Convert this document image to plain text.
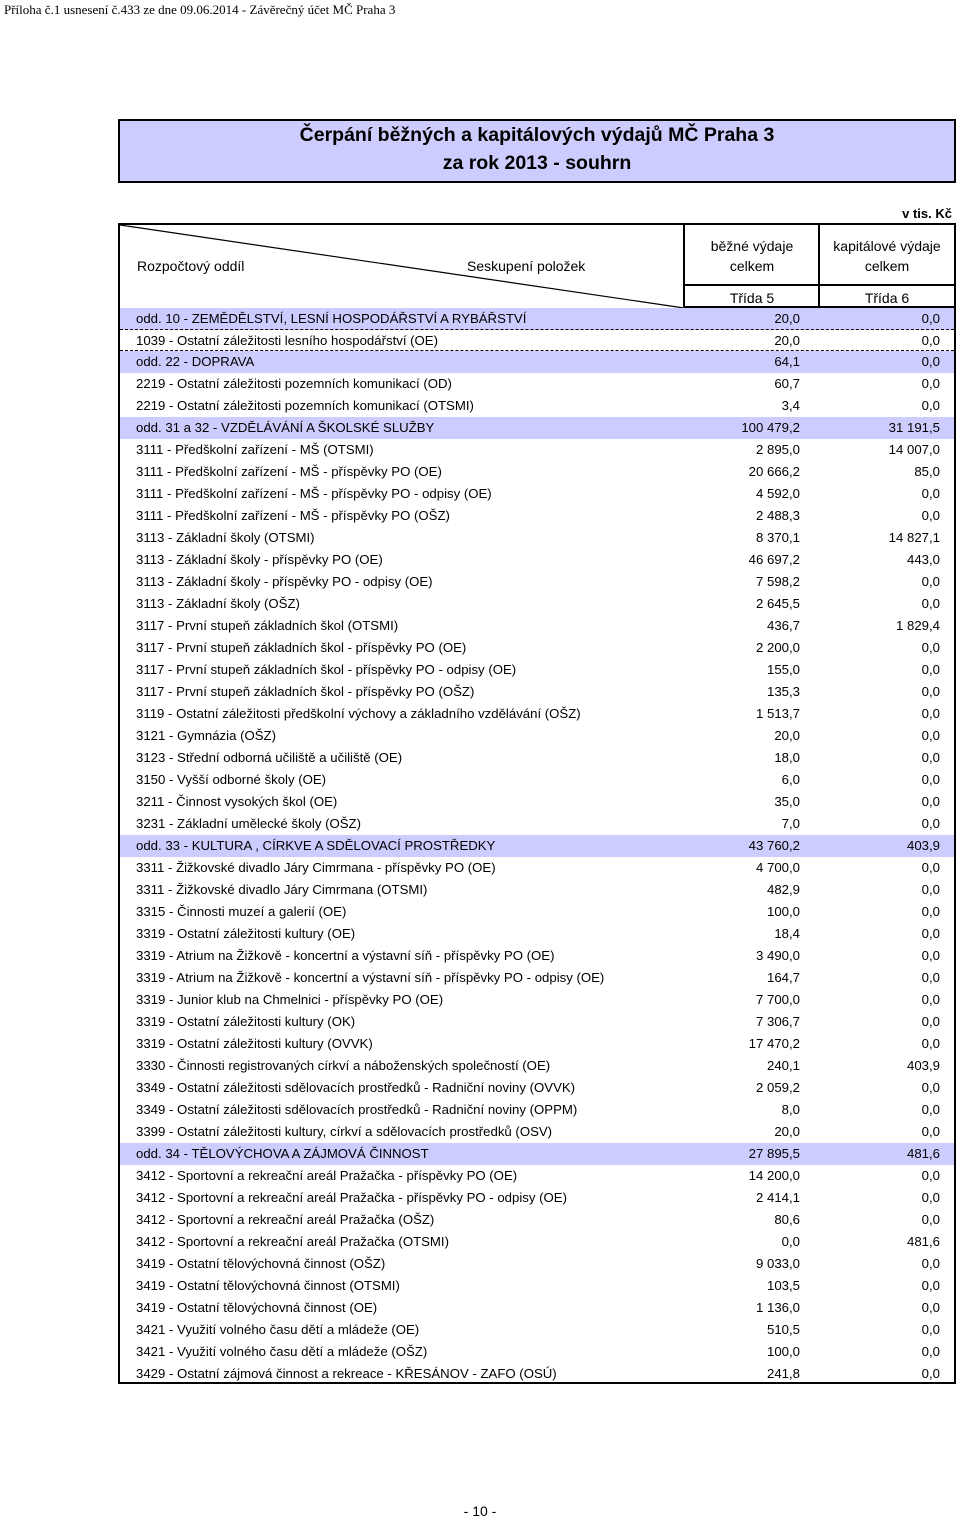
Příloha č.1 usnesení č.433 ze dne 09.06.2014 - Závěrečný účet MČ Praha 3
Čerpání běžných a kapitálových výdajů MČ Praha 3
za rok 2013 - souhrn
v tis. Kč
Rozpočtový oddíl	Seskupení položek
běžné výdaje
celkem
kapitálové výdaje
celkem
Třída 5	Třída 6
odd. 10 - ZEMĚDĚLSTVÍ, LESNÍ HOSPODÁŘSTVÍ A RYBÁŘSTVÍ	20,0	0,0
1039 - Ostatní záležitosti lesního hospodářství (OE)	20,0	0,0
odd. 22 - DOPRAVA	64,1	0,0
2219 - Ostatní záležitosti pozemních komunikací (OD)	60,7	0,0
2219 - Ostatní záležitosti pozemních komunikací (OTSMI)	3,4	0,0
odd. 31 a 32 - VZDĚLÁVÁNÍ A ŠKOLSKÉ SLUŽBY	100 479,2	31 191,5
3111 - Předškolní zařízení - MŠ (OTSMI)	2 895,0	14 007,0
3111 - Předškolní zařízení - MŠ - příspěvky PO (OE)	20 666,2	85,0
3111 - Předškolní zařízení - MŠ - příspěvky PO - odpisy (OE)	4 592,0	0,0
3111 - Předškolní zařízení - MŠ - příspěvky PO (OŠZ)	2 488,3	0,0
3113 - Základní školy (OTSMI)	8 370,1	14 827,1
3113 - Základní školy - příspěvky PO (OE)	46 697,2	443,0
3113 - Základní školy - příspěvky PO - odpisy (OE)	7 598,2	0,0
3113 - Základní školy (OŠZ)	2 645,5	0,0
3117 - První stupeň základních škol (OTSMI)	436,7	1 829,4
3117 - První stupeň základních škol - příspěvky PO (OE)	2 200,0	0,0
3117 - První stupeň základních škol - příspěvky PO - odpisy (OE)	155,0	0,0
3117 - První stupeň základních škol - příspěvky PO (OŠZ)	135,3	0,0
3119 - Ostatní záležitosti předškolní výchovy a základního vzdělávání (OŠZ)	1 513,7	0,0
3121 - Gymnázia (OŠZ)	20,0	0,0
3123 - Střední odborná učiliště a učiliště (OE)	18,0	0,0
3150 - Vyšší odborné školy (OE)	6,0	0,0
3211 - Činnost vysokých škol (OE)	35,0	0,0
3231 - Základní umělecké školy (OŠZ)	7,0	0,0
odd. 33 - KULTURA , CÍRKVE A SDĚLOVACÍ PROSTŘEDKY	43 760,2	403,9
3311 - Žižkovské divadlo Járy Cimrmana - příspěvky PO (OE)	4 700,0	0,0
3311 - Žižkovské divadlo Járy Cimrmana (OTSMI)	482,9	0,0
3315 - Činnosti muzeí a galerií (OE)	100,0	0,0
3319 - Ostatní záležitosti kultury (OE)	18,4	0,0
3319 - Atrium na Žižkově - koncertní a výstavní síň - příspěvky PO (OE)	3 490,0	0,0
3319 - Atrium na Žižkově - koncertní a výstavní síň - příspěvky PO - odpisy (OE)	164,7	0,0
3319 - Junior klub na Chmelnici - příspěvky PO (OE)	7 700,0	0,0
3319 - Ostatní záležitosti kultury (OK)	7 306,7	0,0
3319 - Ostatní záležitosti kultury (OVVK)	17 470,2	0,0
3330 - Činnosti registrovaných církví a náboženských společností (OE)	240,1	403,9
3349 - Ostatní záležitosti sdělovacích prostředků - Radniční noviny (OVVK)	2 059,2	0,0
3349 - Ostatní záležitosti sdělovacích prostředků - Radniční noviny (OPPM)	8,0	0,0
3399 - Ostatní záležitosti kultury, církví a sdělovacích prostředků (OSV)	20,0	0,0
odd. 34 - TĚLOVÝCHOVA A ZÁJMOVÁ ČINNOST	27 895,5	481,6
3412 - Sportovní a rekreační areál Pražačka - příspěvky PO (OE)	14 200,0	0,0
3412 - Sportovní a rekreační areál Pražačka - příspěvky PO - odpisy (OE)	2 414,1	0,0
3412 - Sportovní a rekreační areál Pražačka (OŠZ)	80,6	0,0
3412 - Sportovní a rekreační areál Pražačka (OTSMI)	0,0	481,6
3419 - Ostatní tělovýchovná činnost (OŠZ)	9 033,0	0,0
3419 - Ostatní tělovýchovná činnost (OTSMI)	103,5	0,0
3419 - Ostatní tělovýchovná činnost (OE)	1 136,0	0,0
3421 - Využití volného času dětí a mládeže (OE)	510,5	0,0
3421 - Využití volného času dětí a mládeže (OŠZ)	100,0	0,0
3429 - Ostatní zájmová činnost a rekreace - KŘESÁNOV - ZAFO (OSÚ)	241,8	0,0
- 10 -
